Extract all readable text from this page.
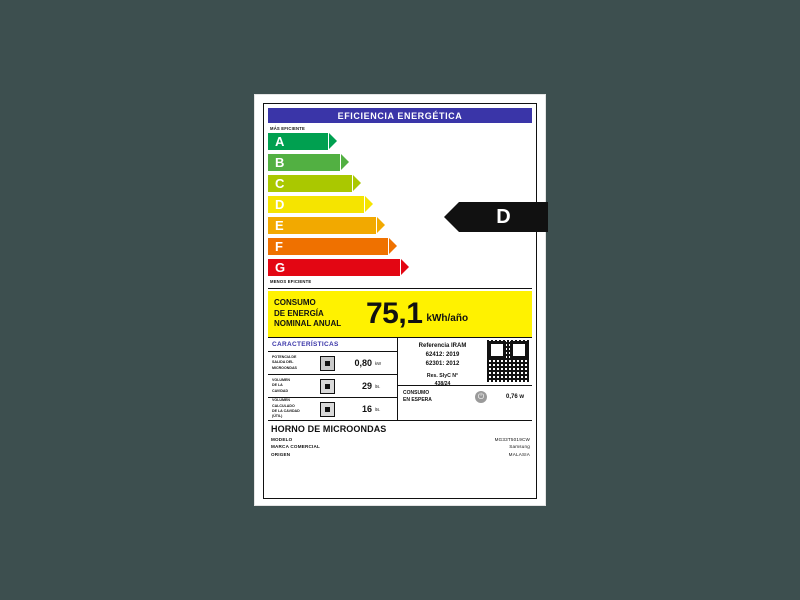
EFICIENCIA ENERGÉTICA
MÁS EFICIENTE
A
B
C
D
E
F
G
MENOS EFICIENTE
D
CONSUMO
DE ENERGÍA
NOMINAL ANUAL 75,1 kWh/año
CARACTERÍSTICAS
POTENCIA DE
SALIDA DEL
MICROONDAS	0,80 kW
VOLUMEN
DE LA
CAVIDAD	29 lts.
VOLUMEN
CALCULADO
DE LA CAVIDAD
(ÚTIL)
16 lts.
Referencia IRAM
62412: 2019
62301: 2012
Res. SIyC N°
438/24
CONSUMO
EN ESPERA	⏻	0,76 w
HORNO DE MICROONDAS
MODELO	MG33T5019CW
MARCA COMERCIAL	Samsung
ORIGEN	MALASIA
